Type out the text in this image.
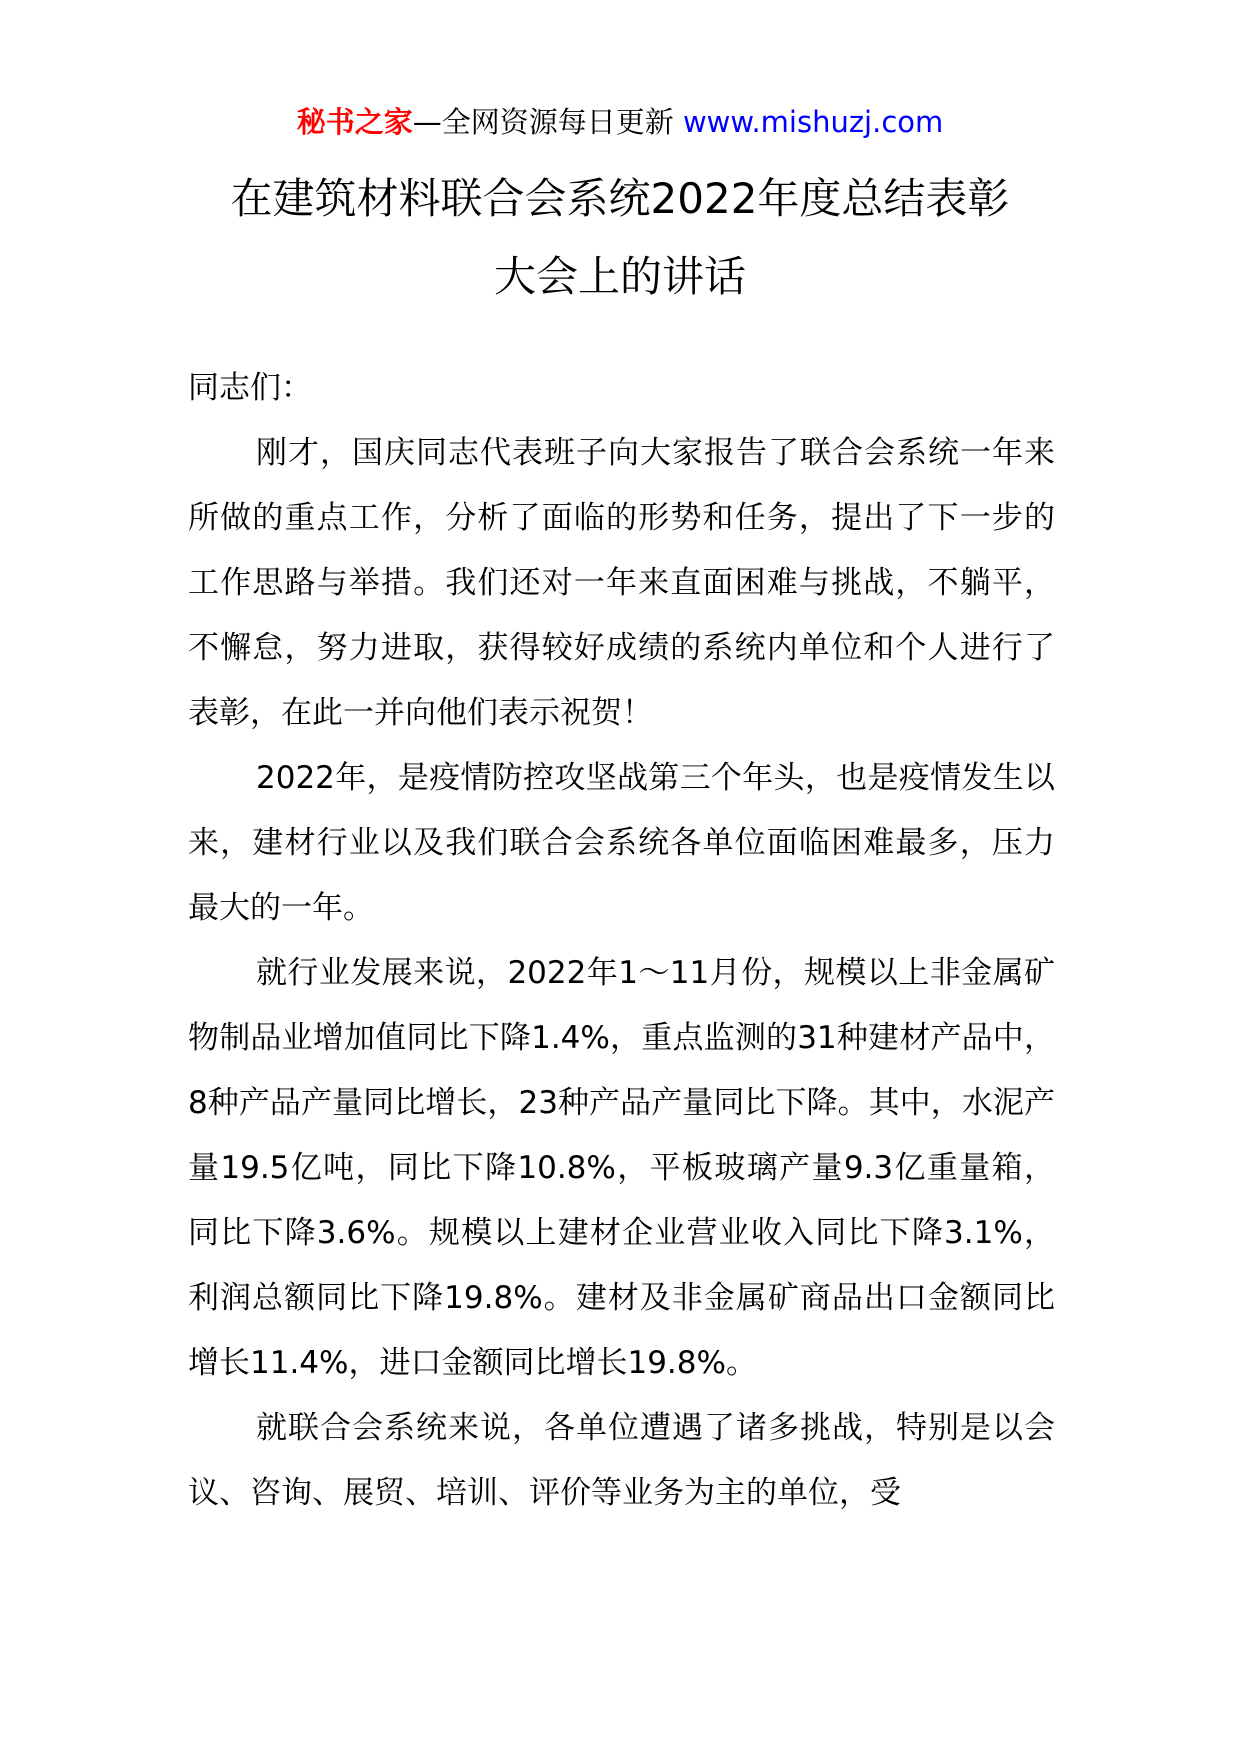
秘书之家—全网资源每日更新 www.mishuzj.com
在建筑材料联合会系统2022年度总结表彰
大会上的讲话

同志们：

刚才，国庆同志代表班子向大家报告了联合会系统一年来所做的重点工作，分析了面临的形势和任务，提出了下一步的工作思路与举措。我们还对一年来直面困难与挑战，不躺平，不懈怠，努力进取，获得较好成绩的系统内单位和个人进行了表彰，在此一并向他们表示祝贺！

2022年，是疫情防控攻坚战第三个年头，也是疫情发生以来，建材行业以及我们联合会系统各单位面临困难最多，压力最大的一年。

就行业发展来说，2022年1～11月份，规模以上非金属矿物制品业增加值同比下降1.4%，重点监测的31种建材产品中，8种产品产量同比增长，23种产品产量同比下降。其中，水泥产量19.5亿吨，同比下降10.8%，平板玻璃产量9.3亿重量箱，同比下降3.6%。规模以上建材企业营业收入同比下降3.1%，利润总额同比下降19.8%。建材及非金属矿商品出口金额同比增长11.4%，进口金额同比增长19.8%。

就联合会系统来说，各单位遭遇了诸多挑战，特别是以会议、咨询、展贸、培训、评价等业务为主的单位，受
